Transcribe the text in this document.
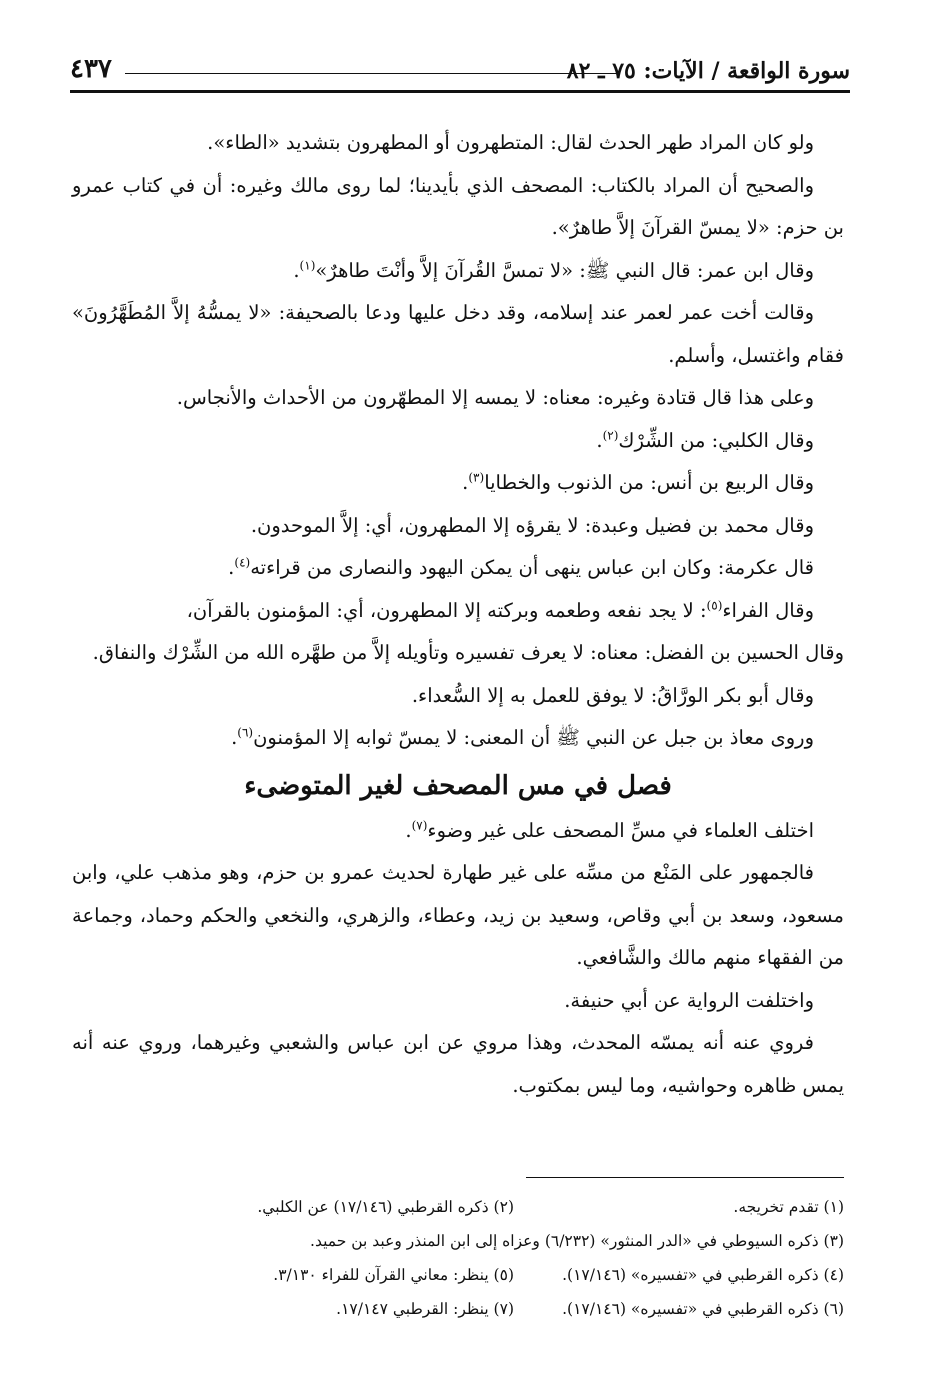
سورة الواقعة / الآيات: ٧٥ ـ ٨٢
٤٣٧

ولو كان المراد طهر الحدث لقال: المتطهرون أو المطهرون بتشديد «الطاء».

والصحيح أن المراد بالكتاب: المصحف الذي بأيدينا؛ لما روى مالك وغيره: أن في كتاب عمرو بن حزم: «لا يمسّ القرآنَ إلاَّ طاهرٌ».

وقال ابن عمر: قال النبي ﷺ: «لا تمسَّ القُرآنَ إلاَّ وأنْتَ طاهرٌ»$^{(١)}$.

وقالت أخت عمر لعمر عند إسلامه، وقد دخل عليها ودعا بالصحيفة: «لا يمسُّهُ إلاَّ المُطَهَّرُونَ» فقام واغتسل، وأسلم.

وعلى هذا قال قتادة وغيره: معناه: لا يمسه إلا المطهّرون من الأحداث والأنجاس.

وقال الكلبي: من الشِّرْك$^{(٢)}$.

وقال الربيع بن أنس: من الذنوب والخطايا$^{(٣)}$.

وقال محمد بن فضيل وعبدة: لا يقرؤه إلا المطهرون، أي: إلاَّ الموحدون.

قال عكرمة: وكان ابن عباس ينهى أن يمكن اليهود والنصارى من قراءته$^{(٤)}$.

وقال الفراء$^{(٥)}$: لا يجد نفعه وطعمه وبركته إلا المطهرون، أي: المؤمنون بالقرآن،

وقال الحسين بن الفضل: معناه: لا يعرف تفسيره وتأويله إلاَّ من طهَّره الله من الشِّرْك والنفاق.

وقال أبو بكر الورَّاقُ: لا يوفق للعمل به إلا السُّعداء.

وروى معاذ بن جبل عن النبي ﷺ أن المعنى: لا يمسّ ثوابه إلا المؤمنون$^{(٦)}$.

فصل في مس المصحف لغير المتوضىء

اختلف العلماء في مسِّ المصحف على غير وضوء$^{(٧)}$.

فالجمهور على المَنْع من مسِّه على غير طهارة لحديث عمرو بن حزم، وهو مذهب علي، وابن مسعود، وسعد بن أبي وقاص، وسعيد بن زيد، وعطاء، والزهري، والنخعي والحكم وحماد، وجماعة من الفقهاء منهم مالك والشَّافعي.

واختلفت الرواية عن أبي حنيفة.

فروي عنه أنه يمسّه المحدث، وهذا مروي عن ابن عباس والشعبي وغيرهما، وروي عنه أنه يمس ظاهره وحواشيه، وما ليس بمكتوب.

(١) تقدم تخريجه.
(٢) ذكره القرطبي (١٧/١٤٦) عن الكلبي.
(٣) ذكره السيوطي في «الدر المنثور» (٦/٢٣٢) وعزاه إلى ابن المنذر وعبد بن حميد.
(٤) ذكره القرطبي في «تفسيره» (١٧/١٤٦).
(٥) ينظر: معاني القرآن للفراء ٣/١٣٠.
(٦) ذكره القرطبي في «تفسيره» (١٧/١٤٦).
(٧) ينظر: القرطبي ١٧/١٤٧.
